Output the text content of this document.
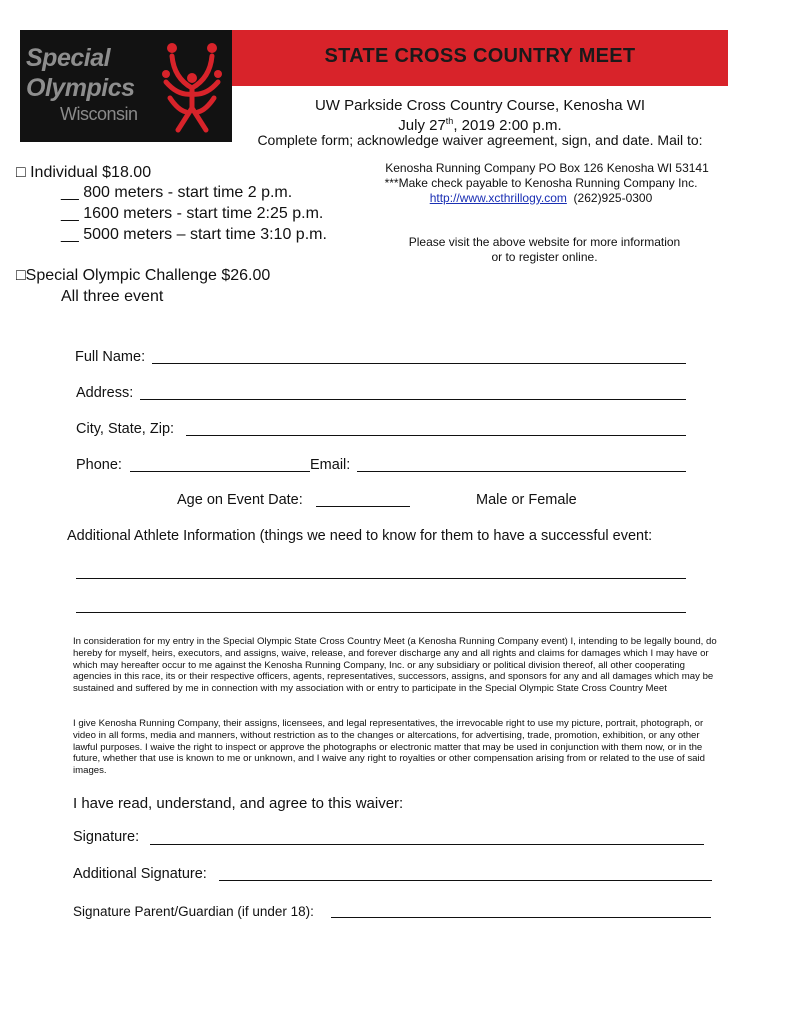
Special
Olympics
Wisconsin
STATE CROSS COUNTRY MEET
UW Parkside Cross Country Course, Kenosha WI
July 27th, 2019 2:00 p.m.
Complete form; acknowledge waiver agreement, sign, and date. Mail to:
Kenosha Running Company PO Box 126 Kenosha WI 53141
***Make check payable to Kenosha Running Company Inc.
http://www.xcthrillogy.com (262)925-0300
Please visit the above website for more information
or to register online.
□ Individual $18.00
__ 800 meters - start time 2 p.m.
__ 1600 meters - start time 2:25 p.m.
__ 5000 meters – start time 3:10 p.m.
□Special Olympic Challenge $26.00
All three event
Full Name:
Address:
City, State, Zip:
Phone:	Email:
Age on Event Date:	Male or Female
Additional Athlete Information (things we need to know for them to have a successful event:
In consideration for my entry in the Special Olympic State Cross Country Meet (a Kenosha Running Company event) I, intending to be legally bound, do hereby for myself, heirs, executors, and assigns, waive, release, and forever discharge any and all rights and claims for damages which I may have or which may hereafter occur to me against the Kenosha Running Company, Inc. or any subsidiary or political division thereof, all other cooperating agencies in this race, its or their respective officers, agents, representatives, successors, assigns, and sponsors for any and all damages which may be sustained and suffered by me in connection with my association with or entry to participate in the Special Olympic State Cross Country Meet
I give Kenosha Running Company, their assigns, licensees, and legal representatives, the irrevocable right to use my picture, portrait, photograph, or video in all forms, media and manners, without restriction as to the changes or altercations, for advertising, trade, promotion, exhibition, or any other lawful purposes. I waive the right to inspect or approve the photographs or electronic matter that may be used in conjunction with them now, or in the future, whether that use is known to me or unknown, and I waive any right to royalties or other compensation arising from or related to the use of said images.
I have read, understand, and agree to this waiver:
Signature:
Additional Signature:
Signature Parent/Guardian (if under 18):
